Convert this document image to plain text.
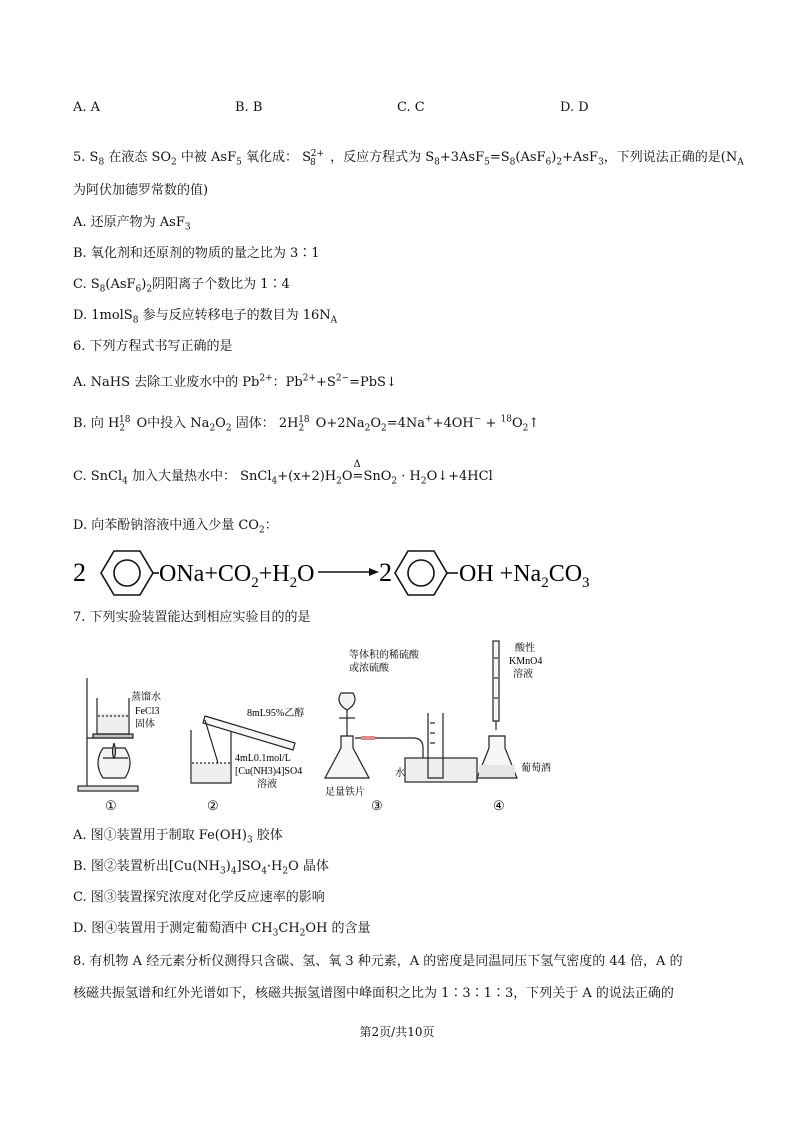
A. A	B. B	C. C	D. D
5. $S_8$ 在液态 $SO_2$ 中被 AsF$_5$ 氧化成： $S_8^{2+}$ ，反应方程式为 $S_8+3AsF_5=S_8(AsF_6)_2+AsF_3$，下列说法正确的是($N_A$
为阿伏加德罗常数的值)
A. 还原产物为 AsF$_3$
B. 氧化剂和还原剂的物质的量之比为 3∶1
C. $S_8(AsF_6)_2$阴阳离子个数比为 1∶4
D. 1molS$_8$ 参与反应转移电子的数目为 $16N_A$
6. 下列方程式书写正确的是
A. NaHS 去除工业废水中的 $Pb^{2+}$：$Pb^{2+}+S^{2-}=PbS↓$
B. 向 $H_2^{18}$ O中投入 $Na_2O_2$ 固体： $2H_2^{18}$ $O+2Na_2O_2=4Na^++4OH^-$ + $^{18}O_2↑$
C. SnCl$_4$ 加入大量热水中： $SnCl_4+(x+2)H_2O$
Δ
$=SnO_2 \cdot H_2O↓+4HCl$
D. 向苯酚钠溶液中通入少量 $CO_2$：
2	$ONa+CO_2+H_2O$ 2	OH $+Na_2CO_3$
7. 下列实验装置能达到相应实验目的的是
蒸馏水
FeCl3
固体
①
8mL95%乙醇
4mL0.1mol/L
[Cu(NH3)4]SO4
溶液
②
等体积的稀硫酸
或浓硫酸
水
足量铁片
③
酸性
KMnO4
溶液
葡萄酒
④
A. 图①装置用于制取 $Fe(OH)_3$ 胶体
B. 图②装置析出$[Cu(NH_3)_4]SO_4\cdot H_2O$ 晶体
C. 图③装置探究浓度对化学反应速率的影响
D. 图④装置用于测定葡萄酒中 $CH_3CH_2OH$ 的含量
8. 有机物 A 经元素分析仪测得只含碳、氢、氧 3 种元素，A 的密度是同温同压下氢气密度的 44 倍，A 的
核磁共振氢谱和红外光谱如下，核磁共振氢谱图中峰面积之比为 1∶3∶1∶3，下列关于 A 的说法正确的
第2页/共10页
